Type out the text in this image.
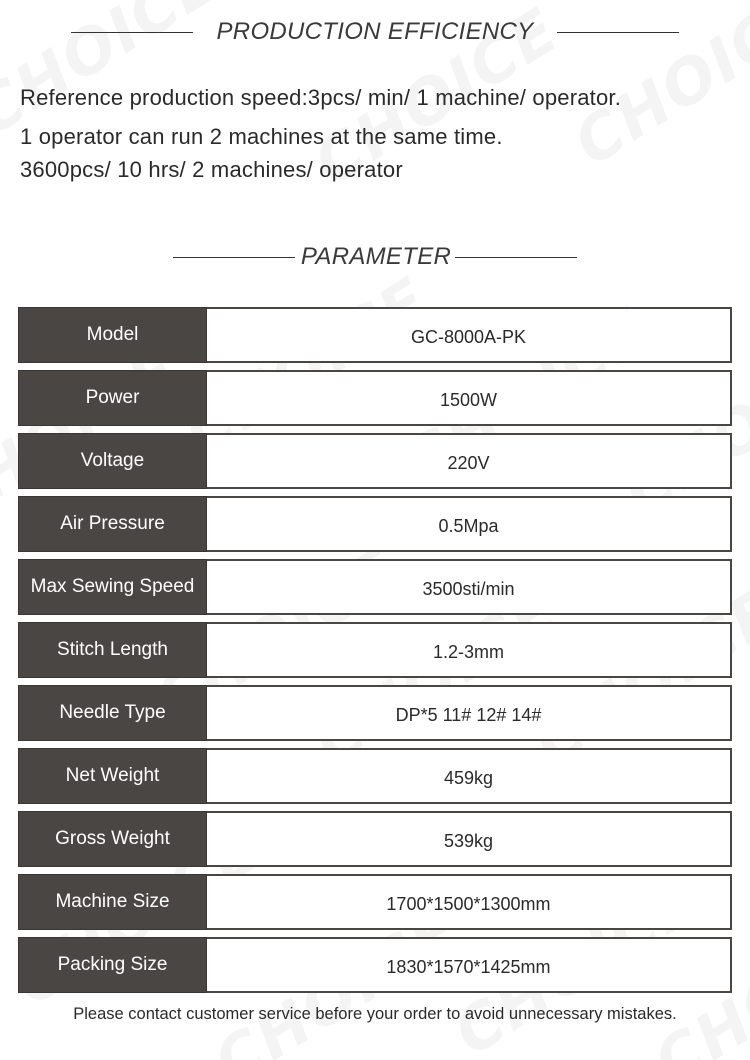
PRODUCTION EFFICIENCY
Reference production speed:3pcs/ min/ 1 machine/ operator.
1 operator can run 2 machines at the same time.
3600pcs/ 10 hrs/ 2 machines/ operator
PARAMETER
Model	GC-8000A-PK
Power	1500W
Voltage	220V
Air Pressure	0.5Mpa
Max Sewing Speed	3500sti/min
Stitch Length	1.2-3mm
Needle Type	DP*5 11# 12# 14#
Net Weight	459kg
Gross Weight	539kg
Machine Size	1700*1500*1300mm
Packing Size	1830*1570*1425mm
Please contact customer service before your order to avoid unnecessary mistakes.
